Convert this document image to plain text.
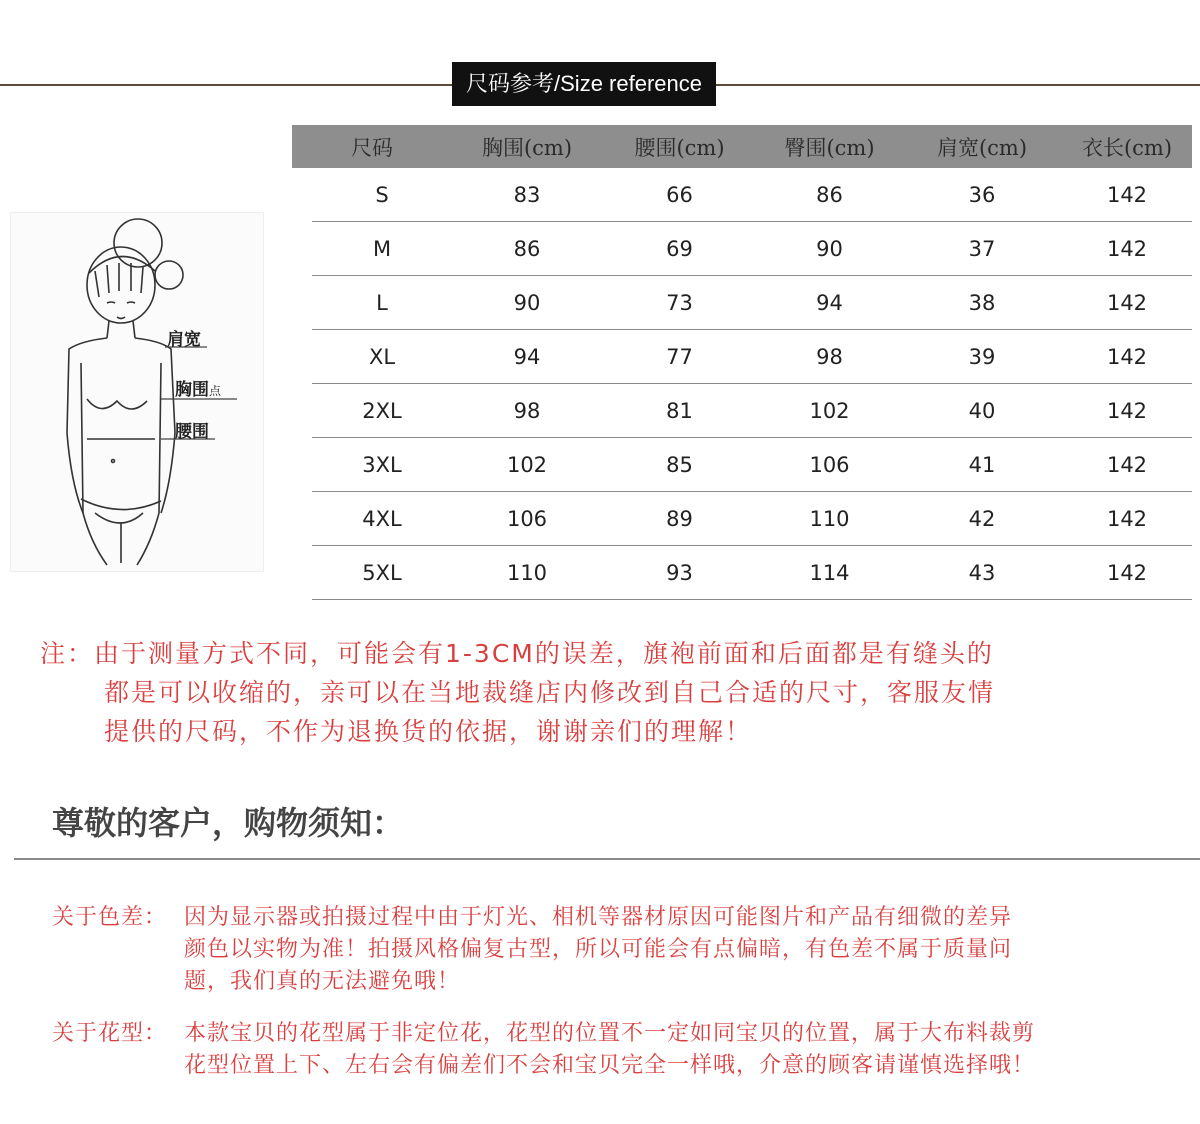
尺码参考/Size reference
肩宽
胸围点
腰围
尺码	胸围(cm)	腰围(cm)	臀围(cm)	肩宽(cm)	衣长(cm)
S	83	66	86	36	142
M	86	69	90	37	142
L	90	73	94	38	142
XL	94	77	98	39	142
2XL	98	81	102	40	142
3XL	102	85	106	41	142
4XL	106	89	110	42	142
5XL	110	93	114	43	142
注：由于测量方式不同，可能会有1-3CM的误差，旗袍前面和后面都是有缝头的
都是可以收缩的，亲可以在当地裁缝店内修改到自己合适的尺寸，客服友情
提供的尺码，不作为退换货的依据，谢谢亲们的理解！
尊敬的客户，购物须知：
关于色差： 因为显示器或拍摄过程中由于灯光、相机等器材原因可能图片和产品有细微的差异
颜色以实物为准！拍摄风格偏复古型，所以可能会有点偏暗，有色差不属于质量问
题，我们真的无法避免哦！
关于花型： 本款宝贝的花型属于非定位花，花型的位置不一定如同宝贝的位置，属于大布料裁剪
花型位置上下、左右会有偏差们不会和宝贝完全一样哦，介意的顾客请谨慎选择哦！
